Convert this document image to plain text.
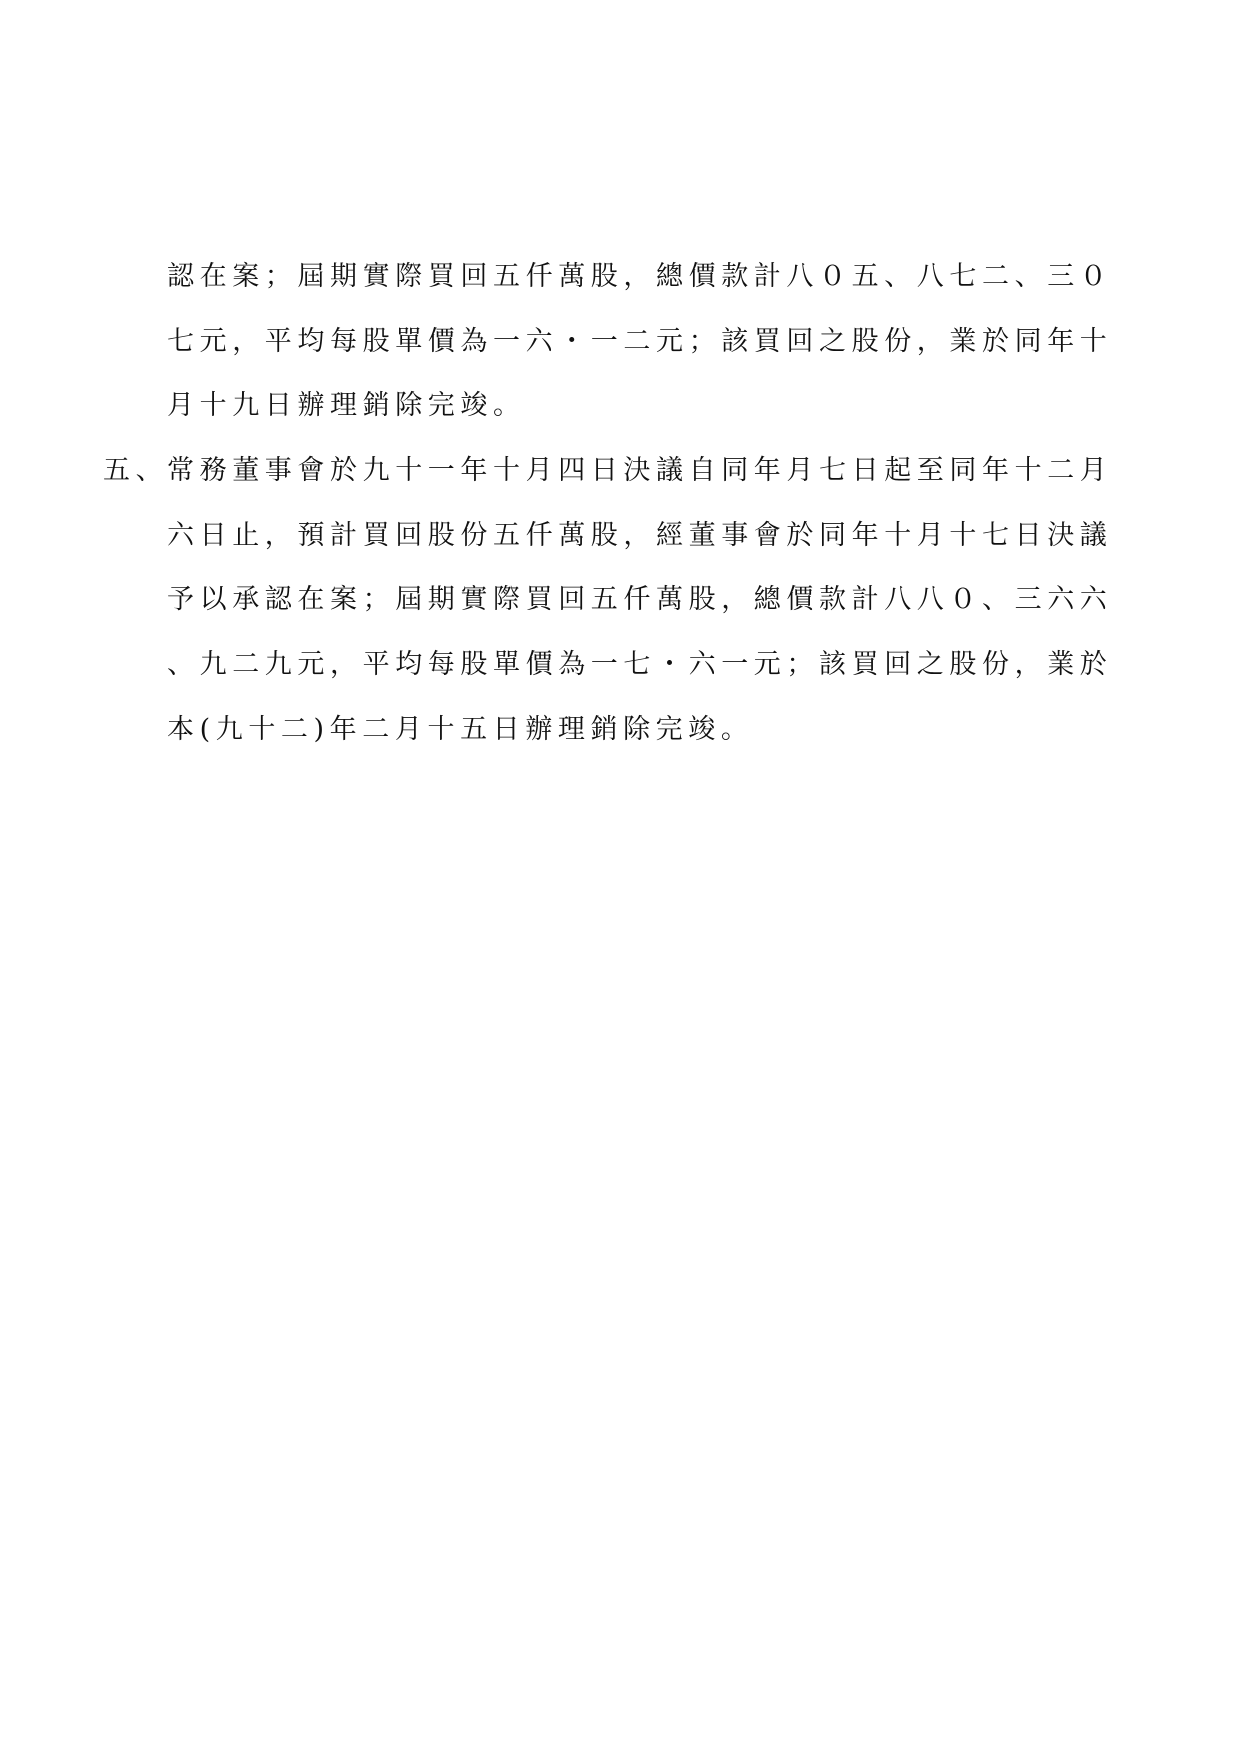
認在案；屆期實際買回五仟萬股，總價款計八０五、八七二、三０
七元，平均每股單價為一六・一二元；該買回之股份，業於同年十
月十九日辦理銷除完竣。
五、
常務董事會於九十一年十月四日決議自同年月七日起至同年十二月
六日止，預計買回股份五仟萬股，經董事會於同年十月十七日決議
予以承認在案；屆期實際買回五仟萬股，總價款計八八０、三六六
、九二九元，平均每股單價為一七・六一元；該買回之股份，業於
本(九十二)年二月十五日辦理銷除完竣。
